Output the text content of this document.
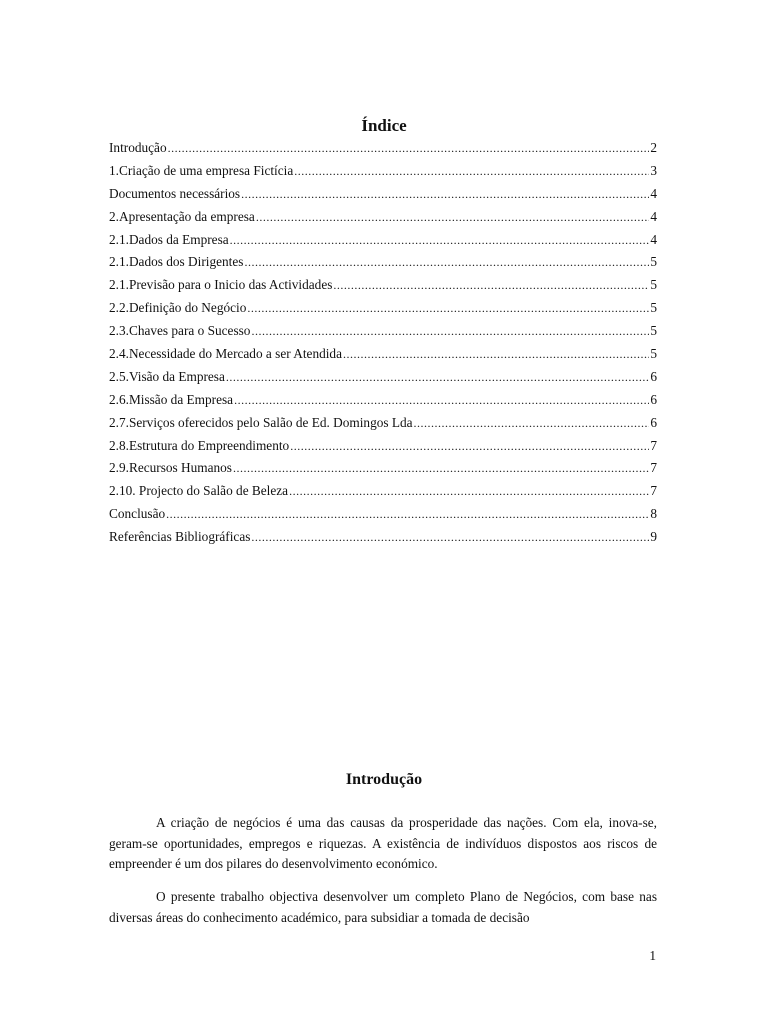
Índice
Introdução .....	2
1.Criação de uma empresa Fictícia .....	3
Documentos necessários .....	4
2.Apresentação da empresa .....	4
2.1.Dados da Empresa .....	4
2.1.Dados dos Dirigentes .....	5
2.1.Previsão para o Inicio das Actividades .....	5
2.2.Definição do Negócio .....	5
2.3.Chaves para o Sucesso .....	5
2.4.Necessidade do Mercado a ser Atendida .....	5
2.5.Visão da Empresa .....	6
2.6.Missão da Empresa .....	6
2.7.Serviços oferecidos pelo Salão de Ed. Domingos Lda .....	6
2.8.Estrutura do Empreendimento .....	7
2.9.Recursos Humanos .....	7
2.10. Projecto do Salão de Beleza .....	7
Conclusão .....	8
Referências Bibliográficas .....	9
Introdução

A criação de negócios é uma das causas da prosperidade das nações. Com ela, inova-se, geram-se oportunidades, empregos e riquezas. A existência de indivíduos dispostos aos riscos de empreender é um dos pilares do desenvolvimento económico.

O presente trabalho objectiva desenvolver um completo Plano de Negócios, com base nas diversas áreas do conhecimento académico, para subsidiar a tomada de decisão

1
